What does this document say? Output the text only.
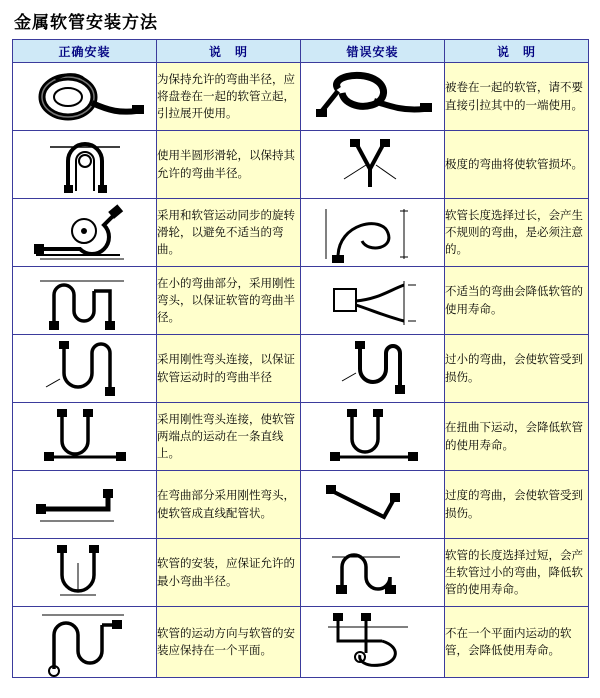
金属软管安装方法
正确安装	说　明	错误安装	说　明

	为保持允许的弯曲半径，应将盘卷在一起的软管立起，引拉展开使用。		被卷在一起的软管，请不要直接引拉其中的一端使用。

	使用半圆形滑轮，以保持其允许的弯曲半径。		极度的弯曲将使软管损坏。

	采用和软管运动同步的旋转滑轮，以避免不适当的弯曲。		软管长度选择过长，会产生不规则的弯曲，是必须注意的。

	在小的弯曲部分，采用刚性弯头，以保证软管的弯曲半径。		不适当的弯曲会降低软管的使用寿命。

	采用刚性弯头连接，以保证软管运动时的弯曲半径		过小的弯曲，会使软管受到损伤。

	采用刚性弯头连接，使软管两端点的运动在一条直线上。		在扭曲下运动，会降低软管的使用寿命。

	在弯曲部分采用刚性弯头，使软管成直线配管状。		过度的弯曲，会使软管受到损伤。

	软管的安装，应保证允许的最小弯曲半径。		软管的长度选择过短，会产生软管过小的弯曲，降低软管的使用寿命。

	软管的运动方向与软管的安装应保持在一个平面。		不在一个平面内运动的软管，会降低使用寿命。
